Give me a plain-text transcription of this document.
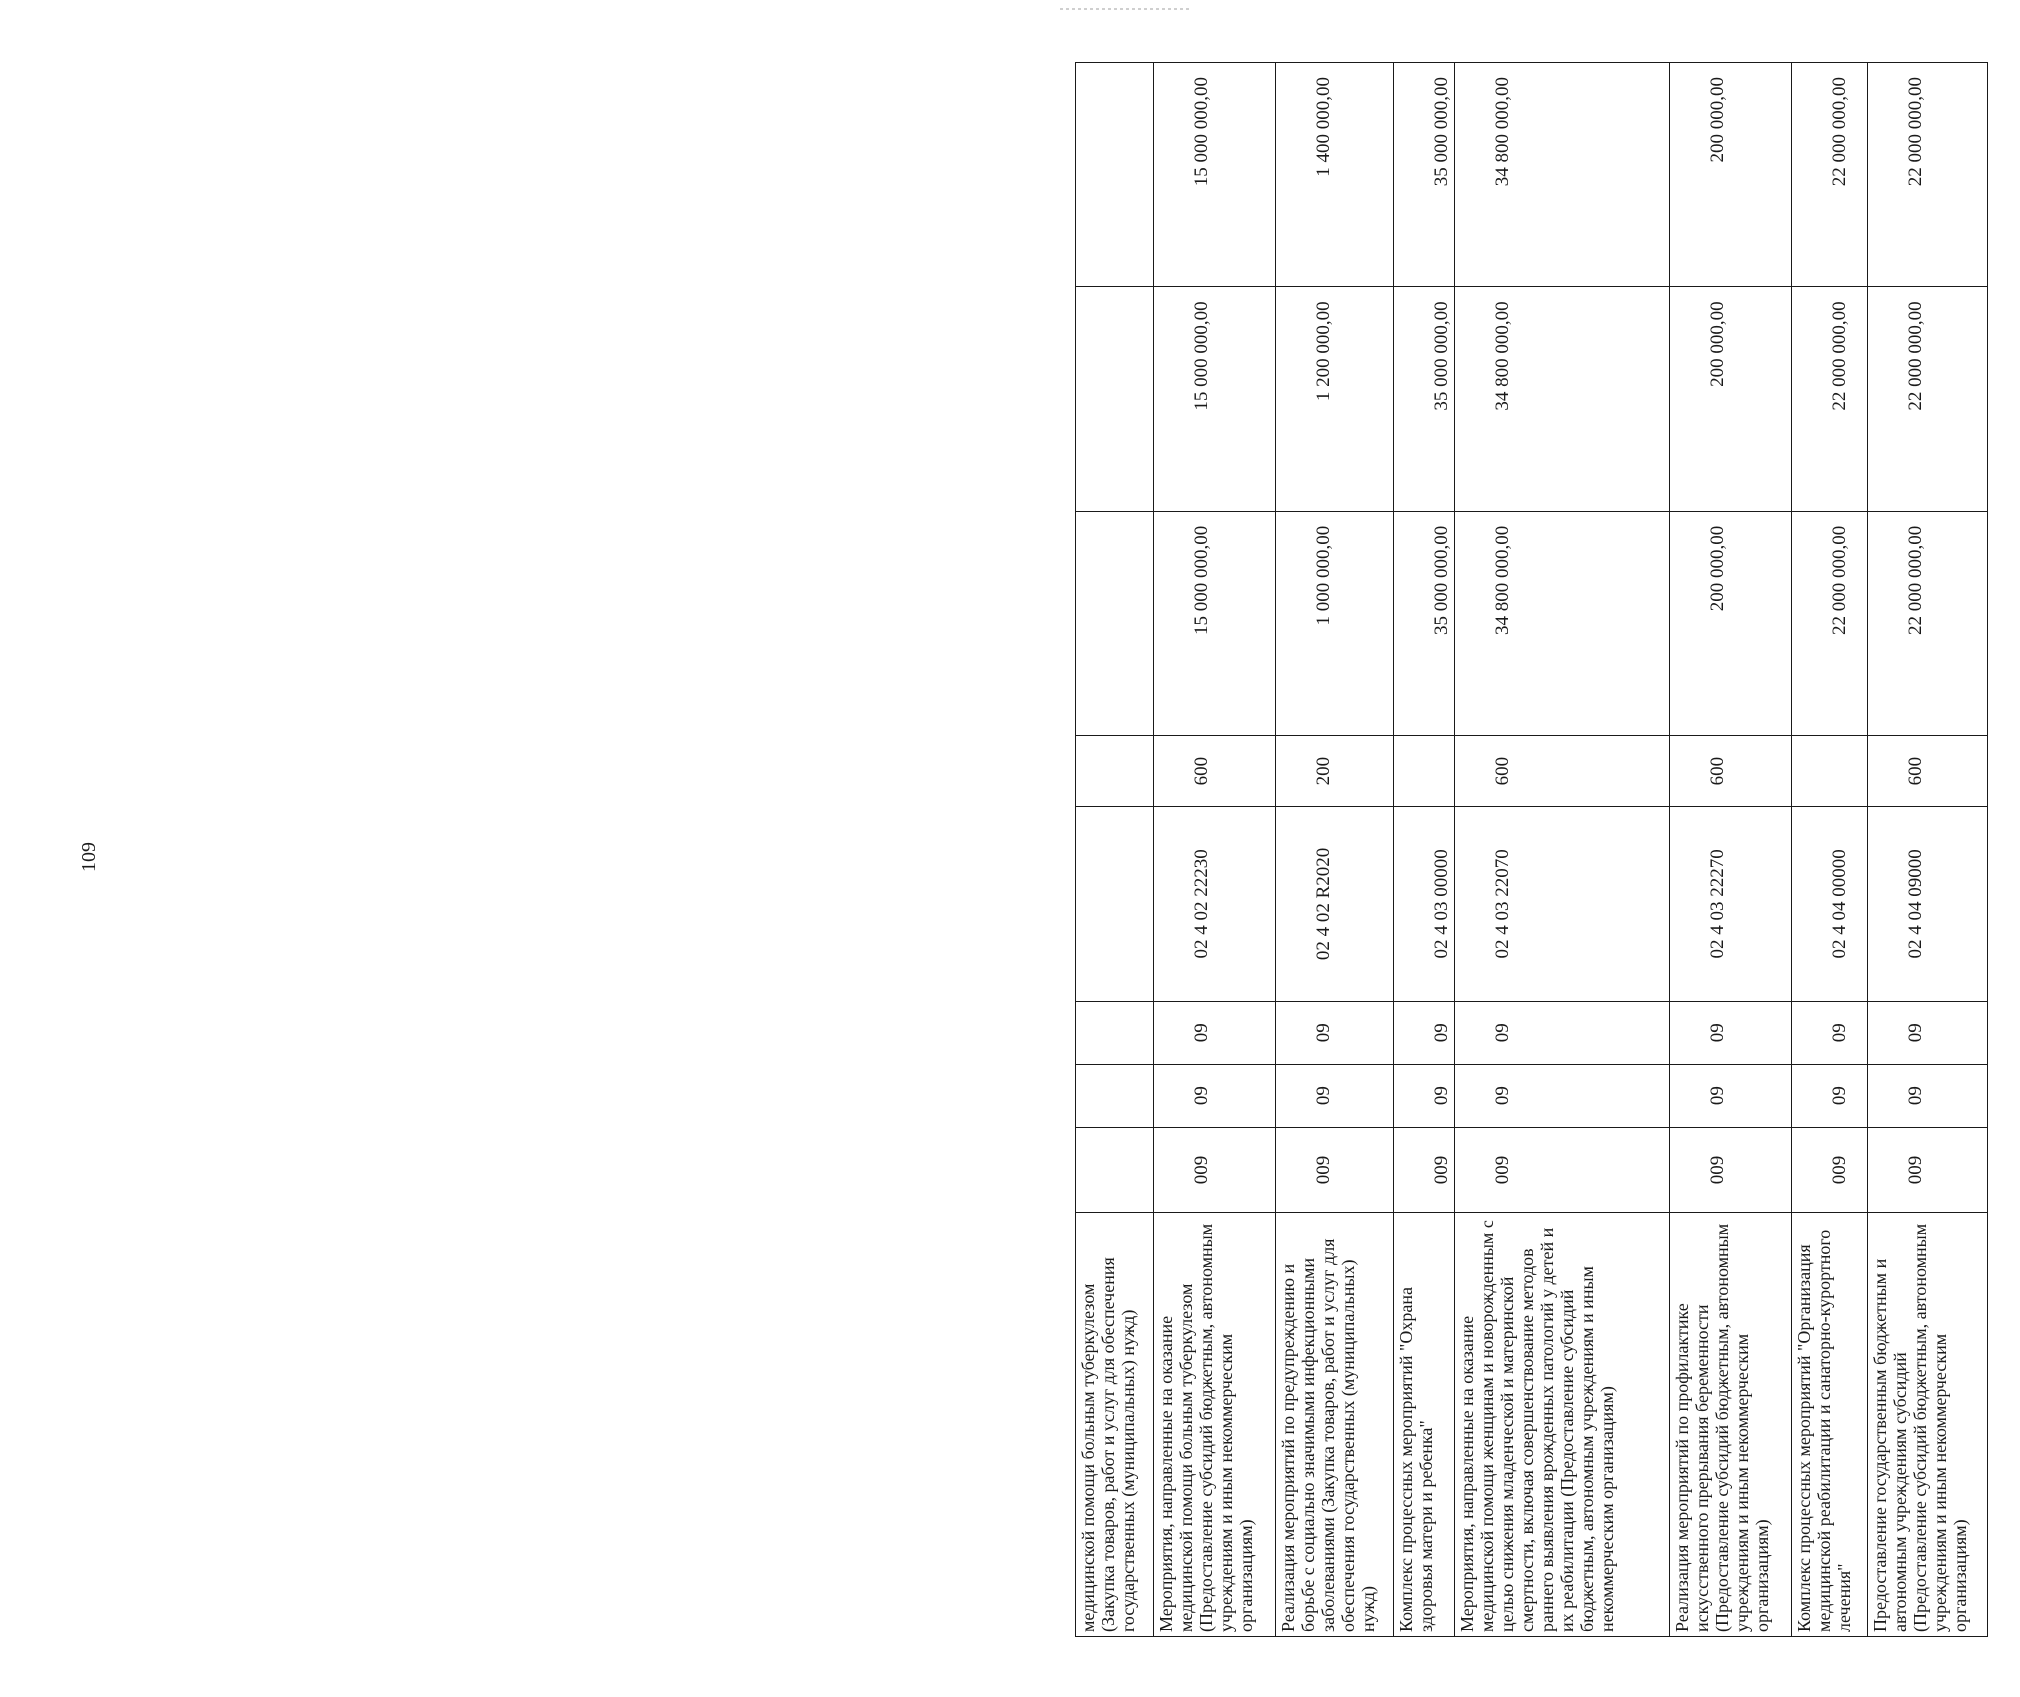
109
медицинской помощи больным туберкулезом (Закупка товаров, работ и услуг для обеспечения государственных (муниципальных) нужд)								
Мероприятия, направленные на оказание медицинской помощи больным туберкулезом (Предоставление субсидий бюджетным, автономным учреждениям и иным некоммерческим организациям)	009	09	09	02 4 02 22230	600	15 000 000,00	15 000 000,00	15 000 000,00
Реализация мероприятий по предупреждению и борьбе с социально значимыми инфекционными заболеваниями (Закупка товаров, работ и услуг для обеспечения государственных (муниципальных) нужд)	009	09	09	02 4 02 R2020	200	1 000 000,00	1 200 000,00	1 400 000,00
Комплекс процессных мероприятий "Охрана здоровья матери и ребенка"	009	09	09	02 4 03 00000		35 000 000,00	35 000 000,00	35 000 000,00
Мероприятия, направленные на оказание медицинской помощи женщинам и новорожденным с целью снижения младенческой и материнской смертности, включая совершенствование методов раннего выявления врожденных патологий у детей и их реабилитации (Предоставление субсидий бюджетным, автономным учреждениям и иным некоммерческим организациям)	009	09	09	02 4 03 22070	600	34 800 000,00	34 800 000,00	34 800 000,00
Реализация мероприятий по профилактике искусственного прерывания беременности (Предоставление субсидий бюджетным, автономным учреждениям и иным некоммерческим организациям)	009	09	09	02 4 03 22270	600	200 000,00	200 000,00	200 000,00
Комплекс процессных мероприятий "Организация медицинской реабилитации и санаторно-курортного лечения"	009	09	09	02 4 04 00000		22 000 000,00	22 000 000,00	22 000 000,00
Предоставление государственным бюджетным и автономным учреждениям субсидий (Предоставление субсидий бюджетным, автономным учреждениям и иным некоммерческим организациям)	009	09	09	02 4 04 09000	600	22 000 000,00	22 000 000,00	22 000 000,00
